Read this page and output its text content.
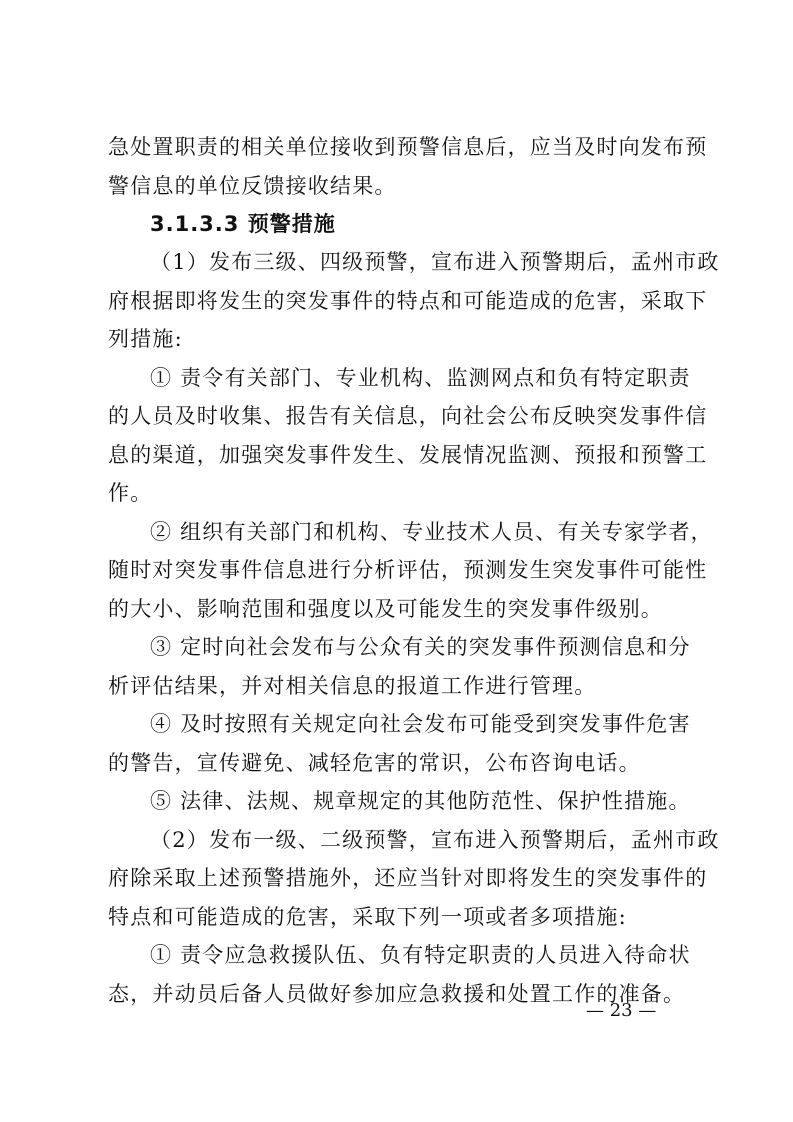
急处置职责的相关单位接收到预警信息后，应当及时向发布预
警信息的单位反馈接收结果。
3.1.3.3 预警措施
（1）发布三级、四级预警，宣布进入预警期后，孟州市政
府根据即将发生的突发事件的特点和可能造成的危害，采取下
列措施:
① 责令有关部门、专业机构、监测网点和负有特定职责
的人员及时收集、报告有关信息，向社会公布反映突发事件信
息的渠道，加强突发事件发生、发展情况监测、预报和预警工
作。
② 组织有关部门和机构、专业技术人员、有关专家学者，
随时对突发事件信息进行分析评估，预测发生突发事件可能性
的大小、影响范围和强度以及可能发生的突发事件级别。
③ 定时向社会发布与公众有关的突发事件预测信息和分
析评估结果，并对相关信息的报道工作进行管理。
④ 及时按照有关规定向社会发布可能受到突发事件危害
的警告，宣传避免、减轻危害的常识，公布咨询电话。
⑤ 法律、法规、规章规定的其他防范性、保护性措施。
（2）发布一级、二级预警，宣布进入预警期后，孟州市政
府除采取上述预警措施外，还应当针对即将发生的突发事件的
特点和可能造成的危害，采取下列一项或者多项措施:
① 责令应急救援队伍、负有特定职责的人员进入待命状
态，并动员后备人员做好参加应急救援和处置工作的准备。
— 23 —
